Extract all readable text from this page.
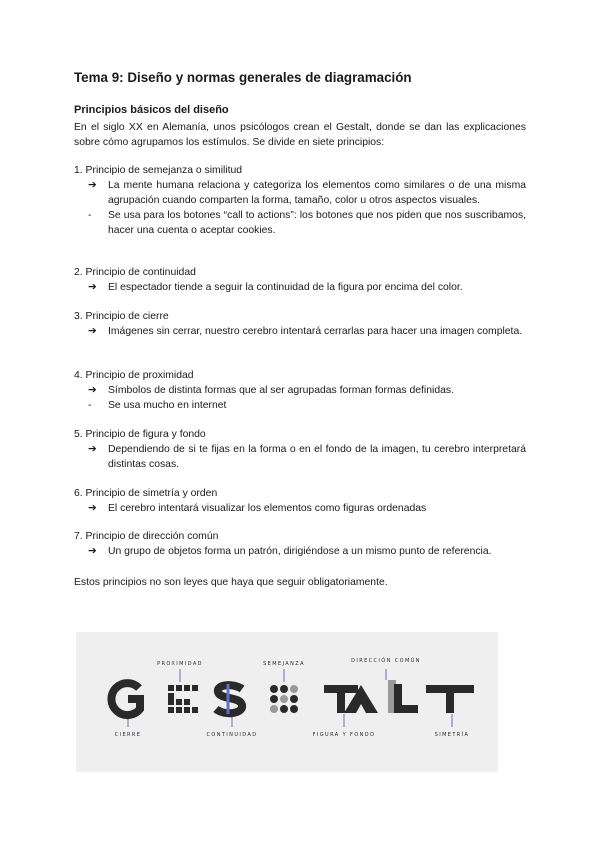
Tema 9: Diseño y normas generales de diagramación
Principios básicos del diseño
En el siglo XX en Alemanía, unos psicólogos crean el Gestalt, donde se dan las explicaciones sobre cómo agrupamos los estímulos. Se divide en siete principios:
1. Principio de semejanza o similitud
➔	La mente humana relaciona y categoriza los elementos como similares o de una misma agrupación cuando comparten la forma, tamaño, color u otros aspectos visuales.
-	Se usa para los botones “call to actions”: los botones que nos piden que nos suscribamos, hacer una cuenta o aceptar cookies.
2. Principio de continuidad
➔	El espectador tiende a seguir la continuidad de la figura por encima del color.
3. Principio de cierre
➔	Imágenes sin cerrar, nuestro cerebro intentará cerrarlas para hacer una imagen completa.
4. Principio de proximidad
➔	Símbolos de distinta formas que al ser agrupadas forman formas definidas.
-	Se usa mucho en internet
5. Principio de figura y fondo
➔	Dependiendo de si te fijas en la forma o en el fondo de la imagen, tu cerebro interpretará distintas cosas.
6. Principio de simetría y orden
➔	El cerebro intentará visualizar los elementos como figuras ordenadas
7. Principio de dirección común
➔	Un grupo de objetos forma un patrón, dirigiéndose a un mismo punto de referencia.
Estos principios no son leyes que haya que seguir obligatoriamente.
PROXIMIDAD	SEMEJANZA	DIRECCIÓN COMÚN
CIERRE	CONTINUIDAD	FIGURA Y FONDO	SIMETRÍA
